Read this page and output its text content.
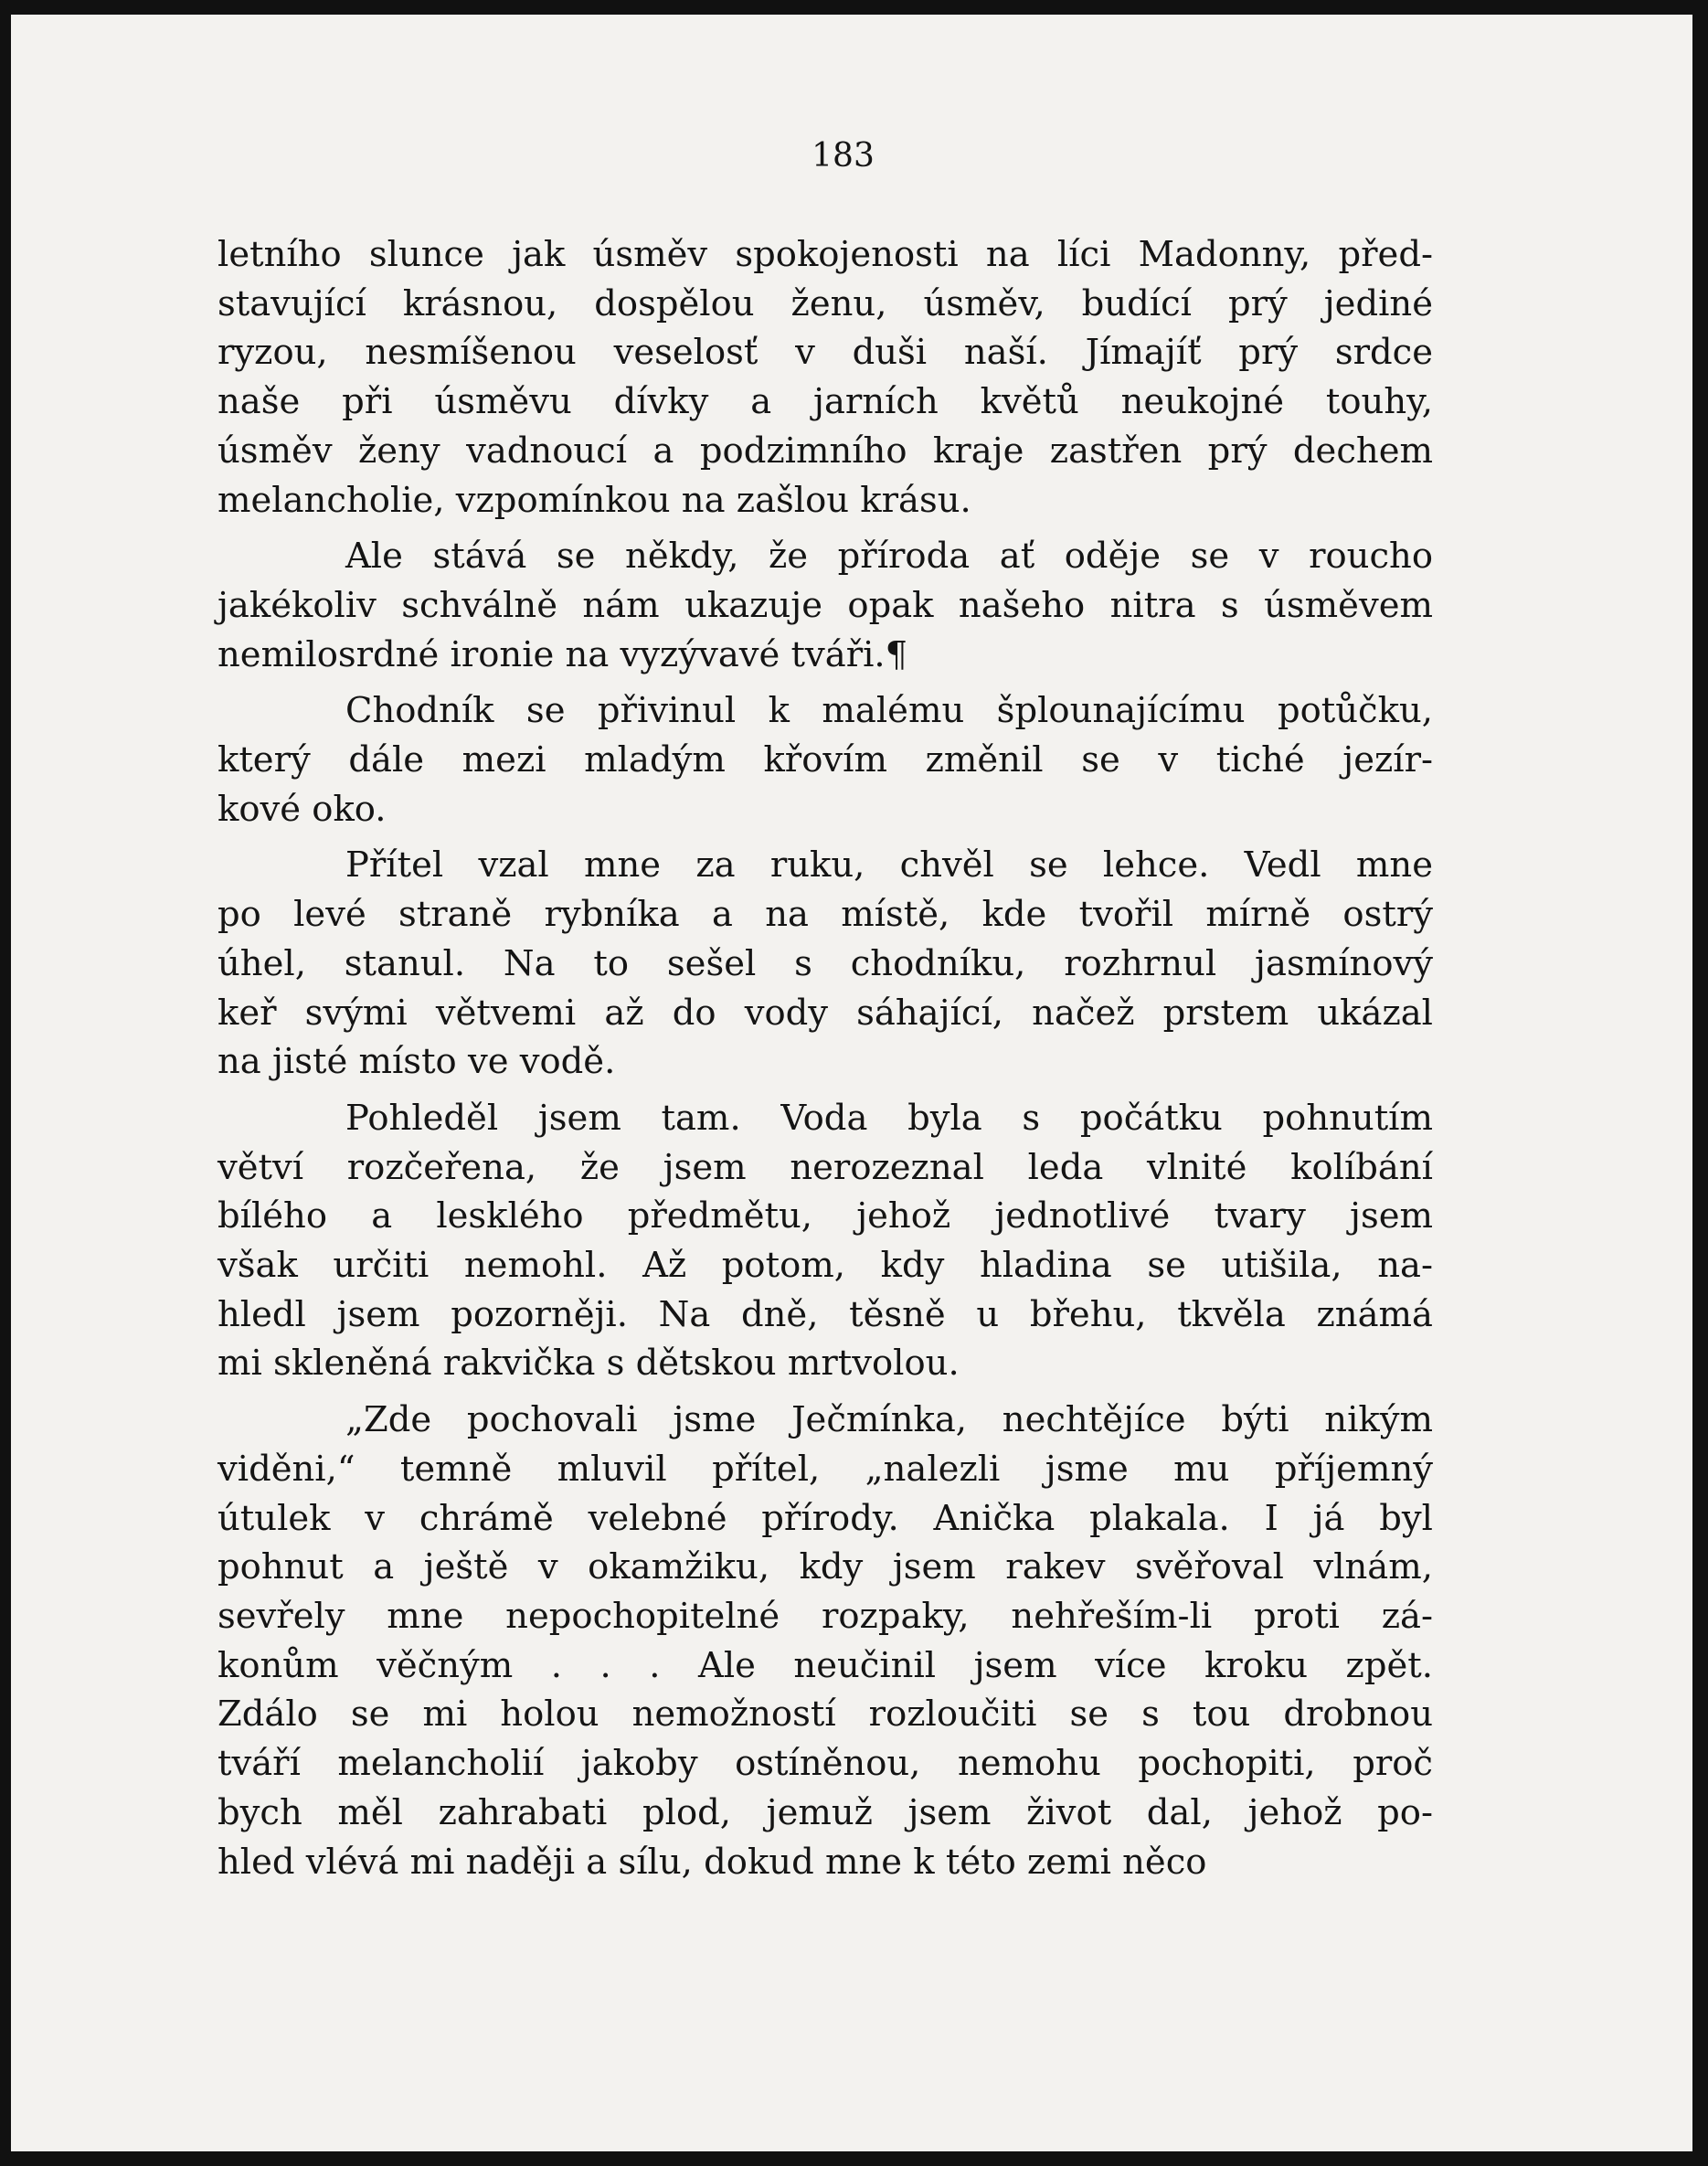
183
letního slunce jak úsměv spokojenosti na líci Madonny, před-
stavující krásnou, dospělou ženu, úsměv, budící prý jediné
ryzou, nesmíšenou veselosť v duši naší. Jímajíť prý srdce
naše při úsměvu dívky a jarních květů neukojné touhy,
úsměv ženy vadnoucí a podzimního kraje zastřen prý dechem
melancholie, vzpomínkou na zašlou krásu.
Ale stává se někdy, že příroda ať oděje se v roucho
jakékoliv schválně nám ukazuje opak našeho nitra s úsměvem
nemilosrdné ironie na vyzývavé tváři.¶
Chodník se přivinul k malému šplounajícímu potůčku,
který dále mezi mladým křovím změnil se v tiché jezír-
kové oko.
Přítel vzal mne za ruku, chvěl se lehce. Vedl mne
po levé straně rybníka a na místě, kde tvořil mírně ostrý
úhel, stanul. Na to sešel s chodníku, rozhrnul jasmínový
keř svými větvemi až do vody sáhající, načež prstem ukázal
na jisté místo ve vodě.
Pohleděl jsem tam. Voda byla s počátku pohnutím
větví rozčeřena, že jsem nerozeznal leda vlnité kolíbání
bílého a lesklého předmětu, jehož jednotlivé tvary jsem
však určiti nemohl. Až potom, kdy hladina se utišila, na-
hledl jsem pozorněji. Na dně, těsně u břehu, tkvěla známá
mi skleněná rakvička s dětskou mrtvolou.
„Zde pochovali jsme Ječmínka, nechtějíce býti nikým
viděni,“ temně mluvil přítel, „nalezli jsme mu příjemný
útulek v chrámě velebné přírody. Anička plakala. I já byl
pohnut a ještě v okamžiku, kdy jsem rakev svěřoval vlnám,
sevřely mne nepochopitelné rozpaky, nehřeším-li proti zá-
konům věčným . . . Ale neučinil jsem více kroku zpět.
Zdálo se mi holou nemožností rozloučiti se s tou drobnou
tváří melancholií jakoby ostíněnou, nemohu pochopiti, proč
bych měl zahrabati plod, jemuž jsem život dal, jehož po-
hled vlévá mi naději a sílu, dokud mne k této zemi něco
